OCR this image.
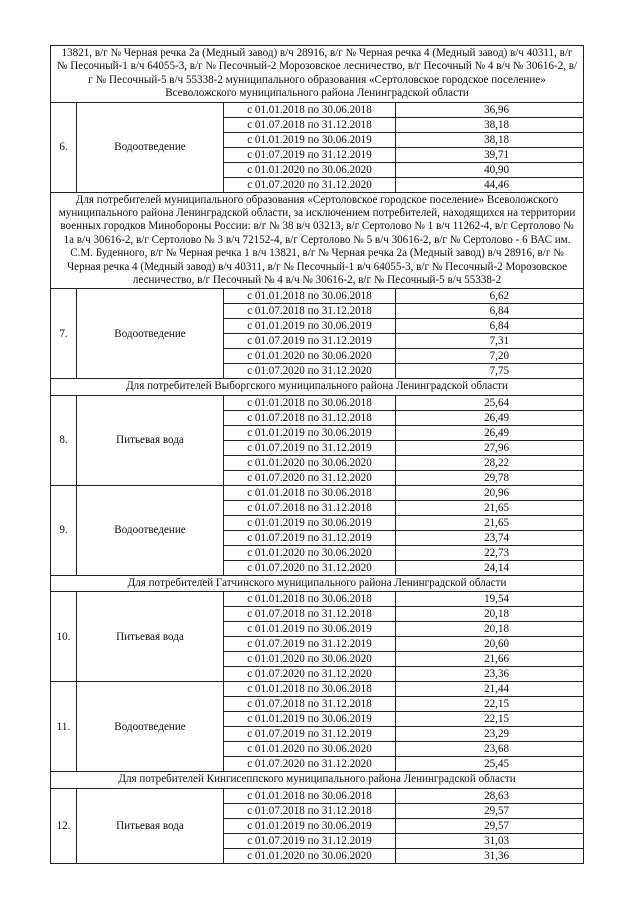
13821, в/г № Черная речка 2а (Медный завод) в/ч 28916, в/г № Черная речка 4 (Медный завод) в/ч 40311, в/г № Песочный-1 в/ч 64055-3, в/г № Песочный-2 Морозовское лесничество, в/г Песочный № 4 в/ч № 30616-2, в/г № Песочный-5 в/ч 55338-2 муниципального образования «Сертоловское городское поселение» Всеволожского муниципального района Ленинградской области			
6.	Водоотведение	с 01.01.2018 по 30.06.2018	36,96
		с 01.07.2018 по 31.12.2018	38,18
		с 01.01.2019 по 30.06.2019	38,18
		с 01.07.2019 по 31.12.2019	39,71
		с 01.01.2020 по 30.06.2020	40,90
		с 01.07.2020 по 31.12.2020	44,46
Для потребителей муниципального образования «Сертоловское городское поселение» Всеволожского муниципального района Ленинградской области, за исключением потребителей, находящихся на территории военных городков Минобороны России: в/г № 38 в/ч 03213, в/г Сертолово № 1 в/ч 11262-4, в/г Сертолово № 1а в/ч 30616-2, в/г Сертолово № 3 в/ч 72152-4, в/г Сертолово № 5 в/ч 30616-2, в/г № Сертолово - 6 ВАС им. С.М. Буденного, в/г № Черная речка 1 в/ч 13821, в/г № Черная речка 2а (Медный завод) в/ч 28916, в/г № Черная речка 4 (Медный завод) в/ч 40311, в/г № Песочный-1 в/ч 64055-3, в/г № Песочный-2 Морозовское лесничество, в/г Песочный № 4 в/ч № 30616-2, в/г № Песочный-5 в/ч 55338-2			
7.	Водоотведение	с 01.01.2018 по 30.06.2018	6,62
		с 01.07.2018 по 31.12.2018	6,84
		с 01.01.2019 по 30.06.2019	6,84
		с 01.07.2019 по 31.12.2019	7,31
		с 01.01.2020 по 30.06.2020	7,20
		с 01.07.2020 по 31.12.2020	7,75
Для потребителей Выборгского муниципального района Ленинградской области			
8.	Питьевая вода	с 01.01.2018 по 30.06.2018	25,64
		с 01.07.2018 по 31.12.2018	26,49
		с 01.01.2019 по 30.06.2019	26,49
		с 01.07.2019 по 31.12.2019	27,96
		с 01.01.2020 по 30.06.2020	28,22
		с 01.07.2020 по 31.12.2020	29,78
9.	Водоотведение	с 01.01.2018 по 30.06.2018	20,96
		с 01.07.2018 по 31.12.2018	21,65
		с 01.01.2019 по 30.06.2019	21,65
		с 01.07.2019 по 31.12.2019	23,74
		с 01.01.2020 по 30.06.2020	22,73
		с 01.07.2020 по 31.12.2020	24,14
Для потребителей Гатчинского муниципального района Ленинградской области			
10.	Питьевая вода	с 01.01.2018 по 30.06.2018	19,54
		с 01.07.2018 по 31.12.2018	20,18
		с 01.01.2019 по 30.06.2019	20,18
		с 01.07.2019 по 31.12.2019	20,60
		с 01.01.2020 по 30.06.2020	21,66
		с 01.07.2020 по 31.12.2020	23,36
11.	Водоотведение	с 01.01.2018 по 30.06.2018	21,44
		с 01.07.2018 по 31.12.2018	22,15
		с 01.01.2019 по 30.06.2019	22,15
		с 01.07.2019 по 31.12.2019	23,29
		с 01.01.2020 по 30.06.2020	23,68
		с 01.07.2020 по 31.12.2020	25,45
Для потребителей Кингисеппского муниципального района Ленинградской области			
12.	Питьевая вода	с 01.01.2018 по 30.06.2018	28,63
		с 01.07.2018 по 31.12.2018	29,57
		с 01.01.2019 по 30.06.2019	29,57
		с 01.07.2019 по 31.12.2019	31,03
		с 01.01.2020 по 30.06.2020	31,36
